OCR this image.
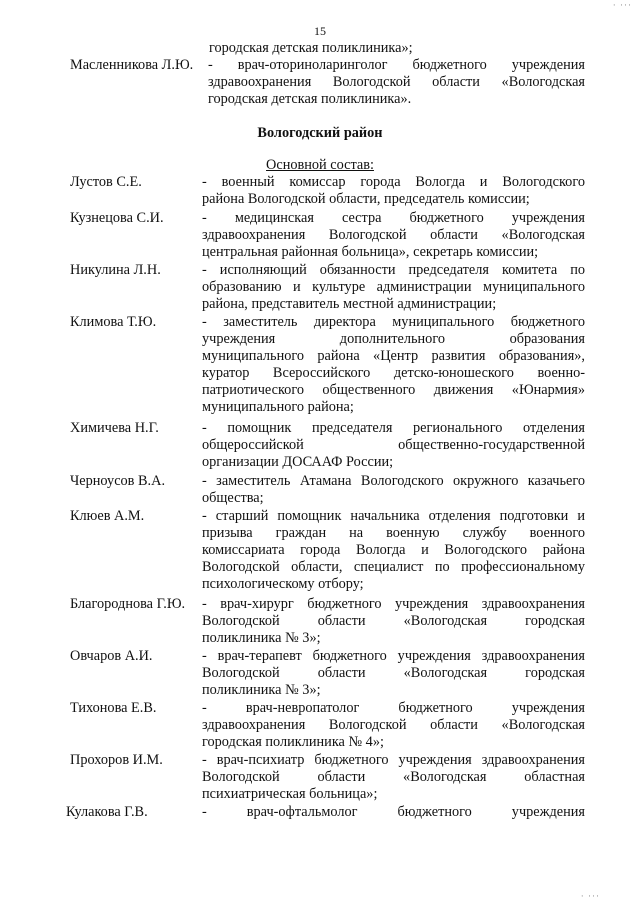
· ···
15
городская детская поликлиника»;
Масленникова Л.Ю. - врач-оториноларинголог бюджетного учреждения
здравоохранения Вологодской области «Вологодская
городская детская поликлиника».
Вологодский район
Основной состав:
Лустов С.Е.	- военный комиссар города Вологда и Вологодского
района Вологодской области, председатель комиссии;
Кузнецова С.И.	- медицинская сестра бюджетного учреждения
здравоохранения Вологодской области «Вологодская
центральная районная больница», секретарь комиссии;
Никулина Л.Н.	- исполняющий обязанности председателя комитета по
образованию и культуре администрации муниципального
района, представитель местной администрации;
Климова Т.Ю.	- заместитель директора муниципального бюджетного
учреждения дополнительного образования
муниципального района «Центр развития образования»,
куратор Всероссийского детско-юношеского военно-
патриотического общественного движения «Юнармия»
муниципального района;
Химичева Н.Г.	- помощник председателя регионального отделения
общероссийской общественно-государственной
организации ДОСААФ России;
Черноусов В.А.	- заместитель Атамана Вологодского окружного казачьего
общества;
Клюев А.М.	- старший помощник начальника отделения подготовки и
призыва граждан на военную службу военного
комиссариата города Вологда и Вологодского района
Вологодской области, специалист по профессиональному
психологическому отбору;
Благороднова Г.Ю. - врач-хирург бюджетного учреждения здравоохранения
Вологодской области «Вологодская городская
поликлиника № 3»;
Овчаров А.И.	- врач-терапевт бюджетного учреждения здравоохранения
Вологодской области «Вологодская городская
поликлиника № 3»;
Тихонова Е.В.	- врач-невропатолог бюджетного учреждения
здравоохранения Вологодской области «Вологодская
городская поликлиника № 4»;
Прохоров И.М.	- врач-психиатр бюджетного учреждения здравоохранения
Вологодской области «Вологодская областная
психиатрическая больница»;
Кулакова Г.В.	- врач-офтальмолог бюджетного учреждения
· ···
